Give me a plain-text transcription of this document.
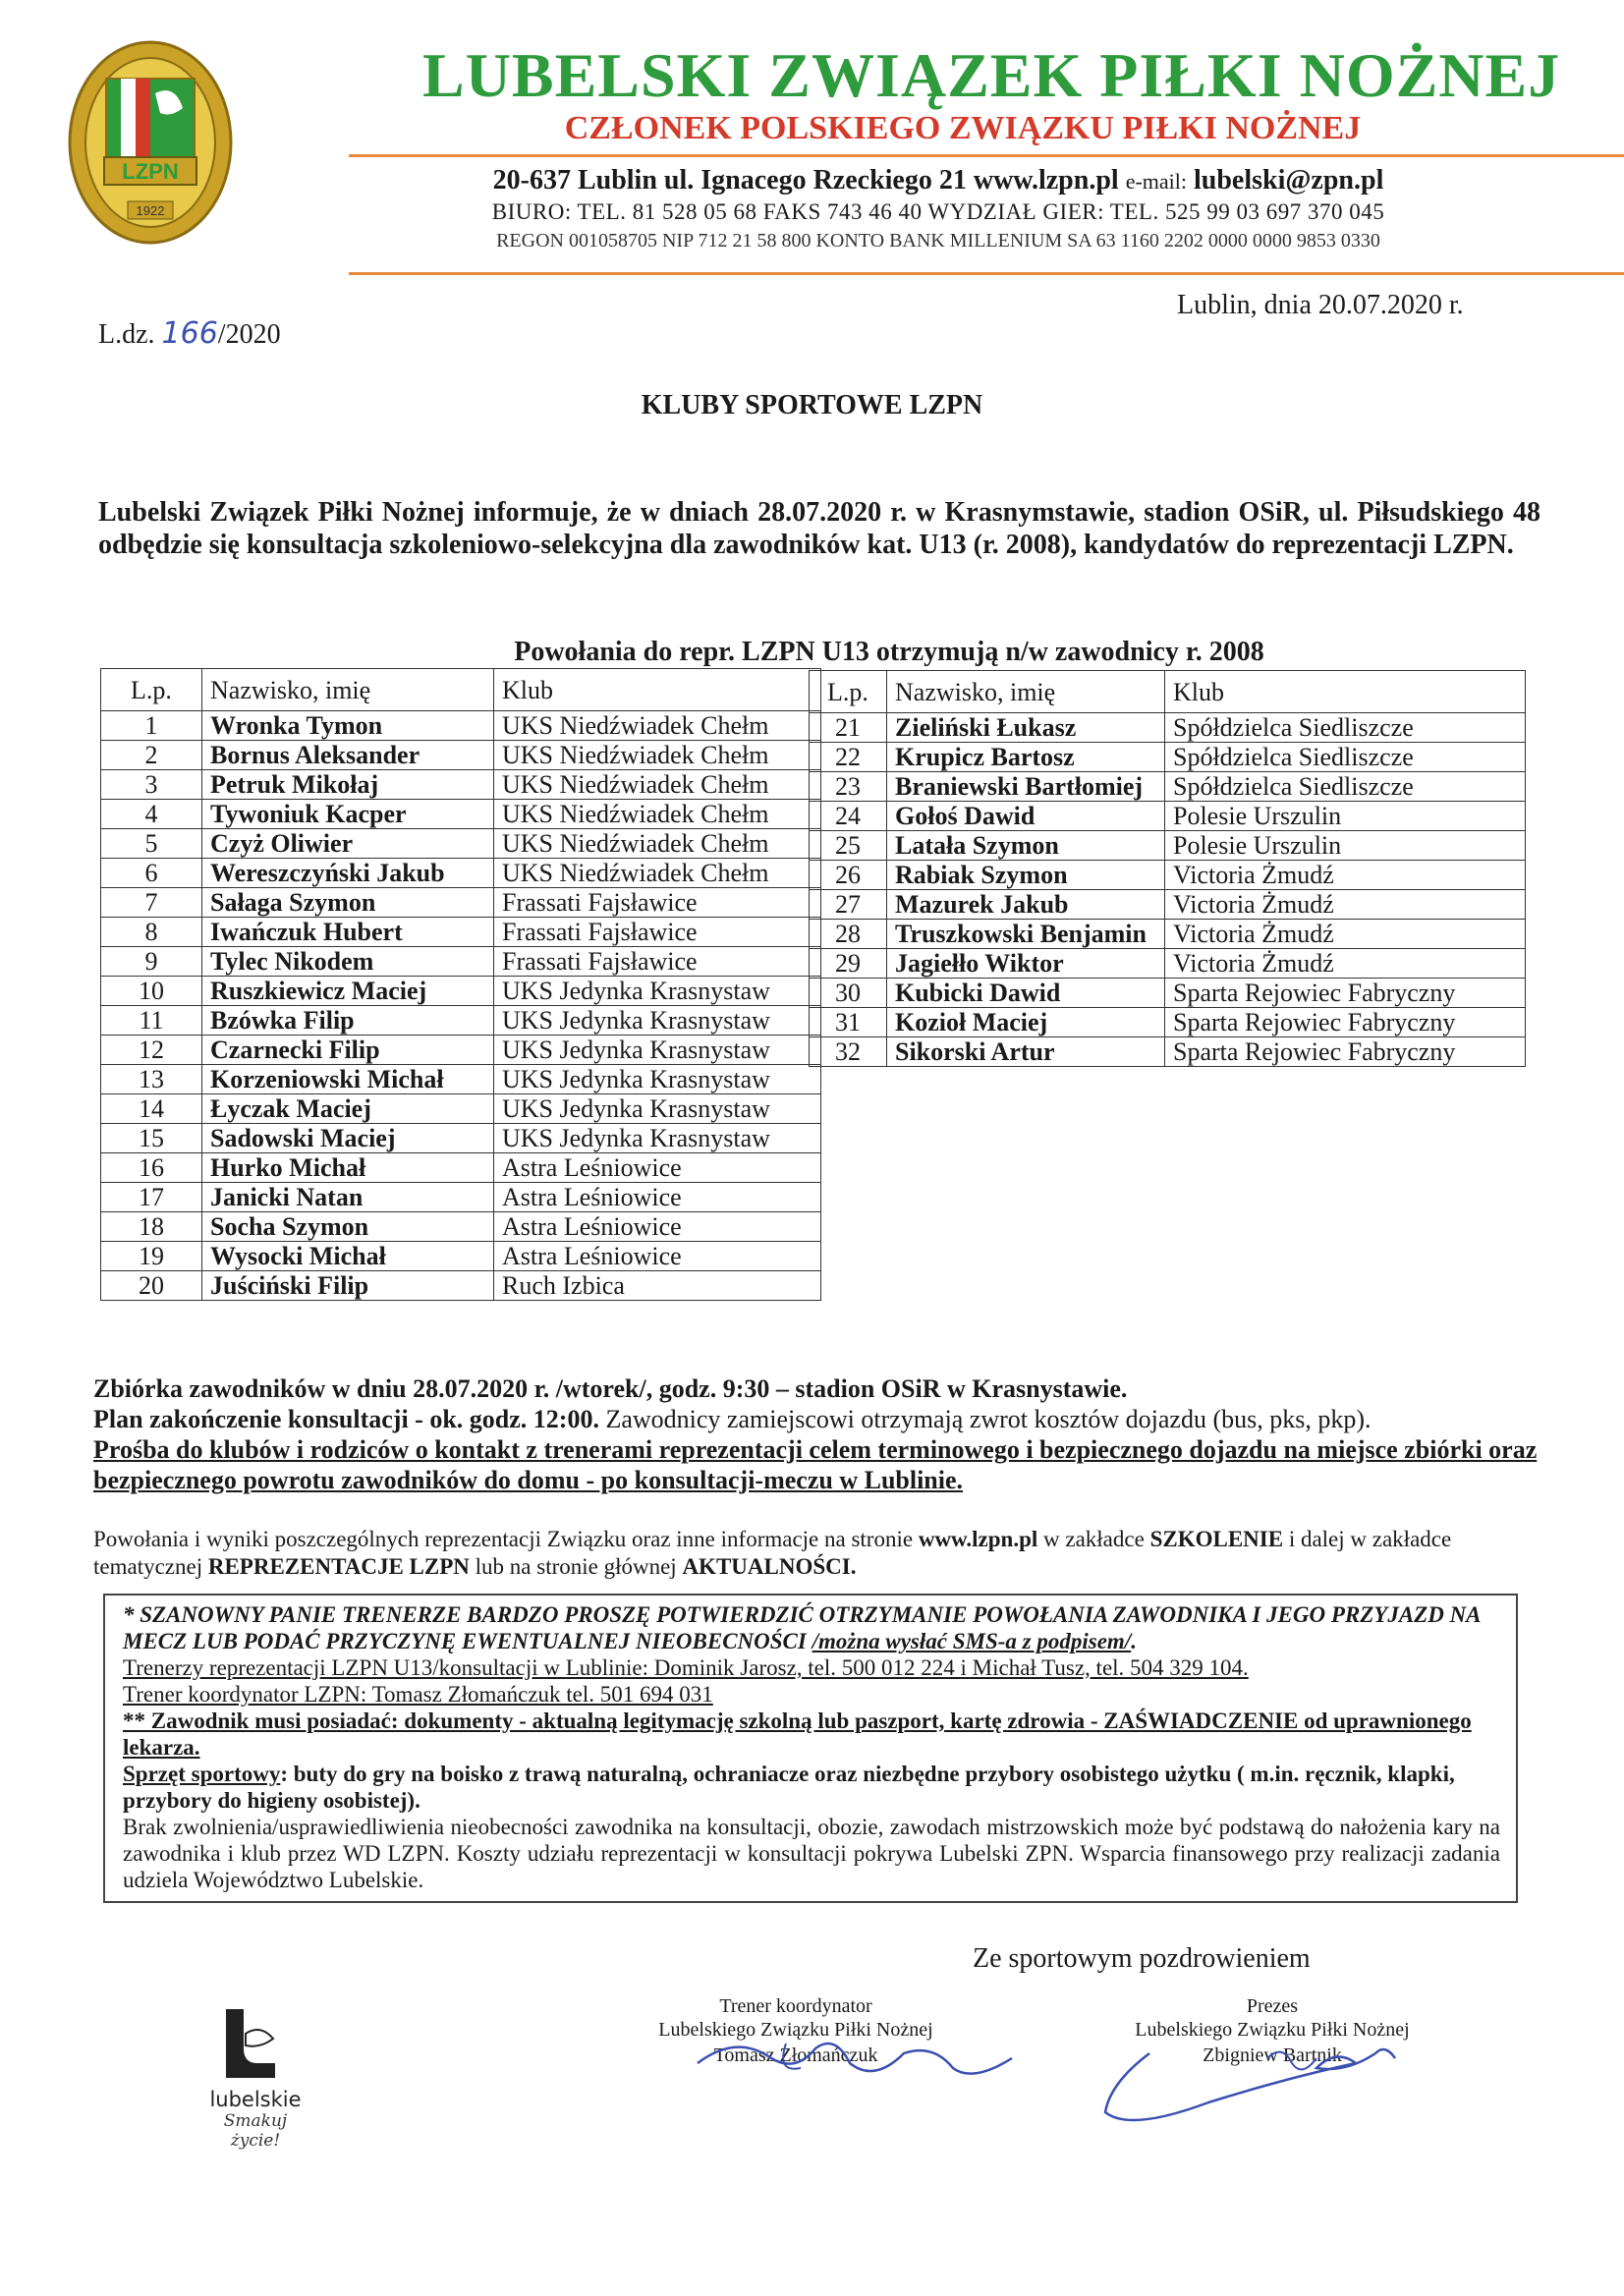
LZPN
1922
LUBELSKI ZWIĄZEK PIŁKI NOŻNEJ
CZŁONEK POLSKIEGO ZWIĄZKU PIŁKI NOŻNEJ
20-637 Lublin ul. Ignacego Rzeckiego 21 www.lzpn.pl e-mail: lubelski@zpn.pl
BIURO: TEL. 81 528 05 68 FAKS 743 46 40 WYDZIAŁ GIER: TEL. 525 99 03 697 370 045
REGON 001058705 NIP 712 21 58 800 KONTO BANK MILLENIUM SA 63 1160 2202 0000 0000 9853 0330
L.dz. 166/2020
Lublin, dnia 20.07.2020 r.
KLUBY SPORTOWE LZPN
Lubelski Związek Piłki Nożnej informuje, że w dniach 28.07.2020 r. w Krasnymstawie, stadion OSiR, ul. Piłsudskiego 48 odbędzie się konsultacja szkoleniowo-selekcyjna dla zawodników kat. U13 (r. 2008), kandydatów do reprezentacji LZPN.
Powołania do repr. LZPN U13 otrzymują n/w zawodnicy r. 2008
L.p.	Nazwisko, imię	Klub
1	Wronka Tymon	UKS Niedźwiadek Chełm
2	Bornus Aleksander	UKS Niedźwiadek Chełm
3	Petruk Mikołaj	UKS Niedźwiadek Chełm
4	Tywoniuk Kacper	UKS Niedźwiadek Chełm
5	Czyż Oliwier	UKS Niedźwiadek Chełm
6	Wereszczyński Jakub	UKS Niedźwiadek Chełm
7	Sałaga Szymon	Frassati Fajsławice
8	Iwańczuk Hubert	Frassati Fajsławice
9	Tylec Nikodem	Frassati Fajsławice
10	Ruszkiewicz Maciej	UKS Jedynka Krasnystaw
11	Bzówka Filip	UKS Jedynka Krasnystaw
12	Czarnecki Filip	UKS Jedynka Krasnystaw
13	Korzeniowski Michał	UKS Jedynka Krasnystaw
14	Łyczak Maciej	UKS Jedynka Krasnystaw
15	Sadowski Maciej	UKS Jedynka Krasnystaw
16	Hurko Michał	Astra Leśniowice
17	Janicki Natan	Astra Leśniowice
18	Socha Szymon	Astra Leśniowice
19	Wysocki Michał	Astra Leśniowice
20	Juściński Filip	Ruch Izbica
L.p.	Nazwisko, imię	Klub
21	Zieliński Łukasz	Spółdzielca Siedliszcze
22	Krupicz Bartosz	Spółdzielca Siedliszcze
23	Braniewski Bartłomiej	Spółdzielca Siedliszcze
24	Gołoś Dawid	Polesie Urszulin
25	Latała Szymon	Polesie Urszulin
26	Rabiak Szymon	Victoria Żmudź
27	Mazurek Jakub	Victoria Żmudź
28	Truszkowski Benjamin	Victoria Żmudź
29	Jagiełło Wiktor	Victoria Żmudź
30	Kubicki Dawid	Sparta Rejowiec Fabryczny
31	Kozioł Maciej	Sparta Rejowiec Fabryczny
32	Sikorski Artur	Sparta Rejowiec Fabryczny
Zbiórka zawodników w dniu 28.07.2020 r. /wtorek/, godz. 9:30 – stadion OSiR w Krasnystawie.
Plan zakończenie konsultacji - ok. godz. 12:00. Zawodnicy zamiejscowi otrzymają zwrot kosztów dojazdu (bus, pks, pkp).
Prośba do klubów i rodziców o kontakt z trenerami reprezentacji celem terminowego i bezpiecznego dojazdu na miejsce zbiórki oraz bezpiecznego powrotu zawodników do domu - po konsultacji-meczu w Lublinie.
Powołania i wyniki poszczególnych reprezentacji Związku oraz inne informacje na stronie www.lzpn.pl w zakładce SZKOLENIE i dalej w zakładce tematycznej REPREZENTACJE LZPN lub na stronie głównej AKTUALNOŚCI.

* SZANOWNY PANIE TRENERZE BARDZO PROSZĘ POTWIERDZIĆ OTRZYMANIE POWOŁANIA ZAWODNIKA I JEGO PRZYJAZD NA MECZ LUB PODAĆ PRZYCZYNĘ EWENTUALNEJ NIEOBECNOŚCI /można wysłać SMS-a z podpisem/.

Trenerzy reprezentacji LZPN U13/konsultacji w Lublinie: Dominik Jarosz, tel. 500 012 224 i Michał Tusz, tel. 504 329 104.

Trener koordynator LZPN: Tomasz Złomańczuk tel. 501 694 031

** Zawodnik musi posiadać: dokumenty - aktualną legitymację szkolną lub paszport, kartę zdrowia - ZAŚWIADCZENIE od uprawnionego lekarza.

Sprzęt sportowy: buty do gry na boisko z trawą naturalną, ochraniacze oraz niezbędne przybory osobistego użytku ( m.in. ręcznik, klapki, przybory do higieny osobistej).

Brak zwolnienia/usprawiedliwienia nieobecności zawodnika na konsultacji, obozie, zawodach mistrzowskich może być podstawą do nałożenia kary na zawodnika i klub przez WD LZPN. Koszty udziału reprezentacji w konsultacji pokrywa Lubelski ZPN. Wsparcia finansowego przy realizacji zadania udziela Województwo Lubelskie.

Ze sportowym pozdrowieniem
Trener koordynator
Lubelskiego Związku Piłki Nożnej
Tomasz Złomańczuk
Prezes
Lubelskiego Związku Piłki Nożnej
Zbigniew Bartnik
lubelskie
Smakuj życie!
